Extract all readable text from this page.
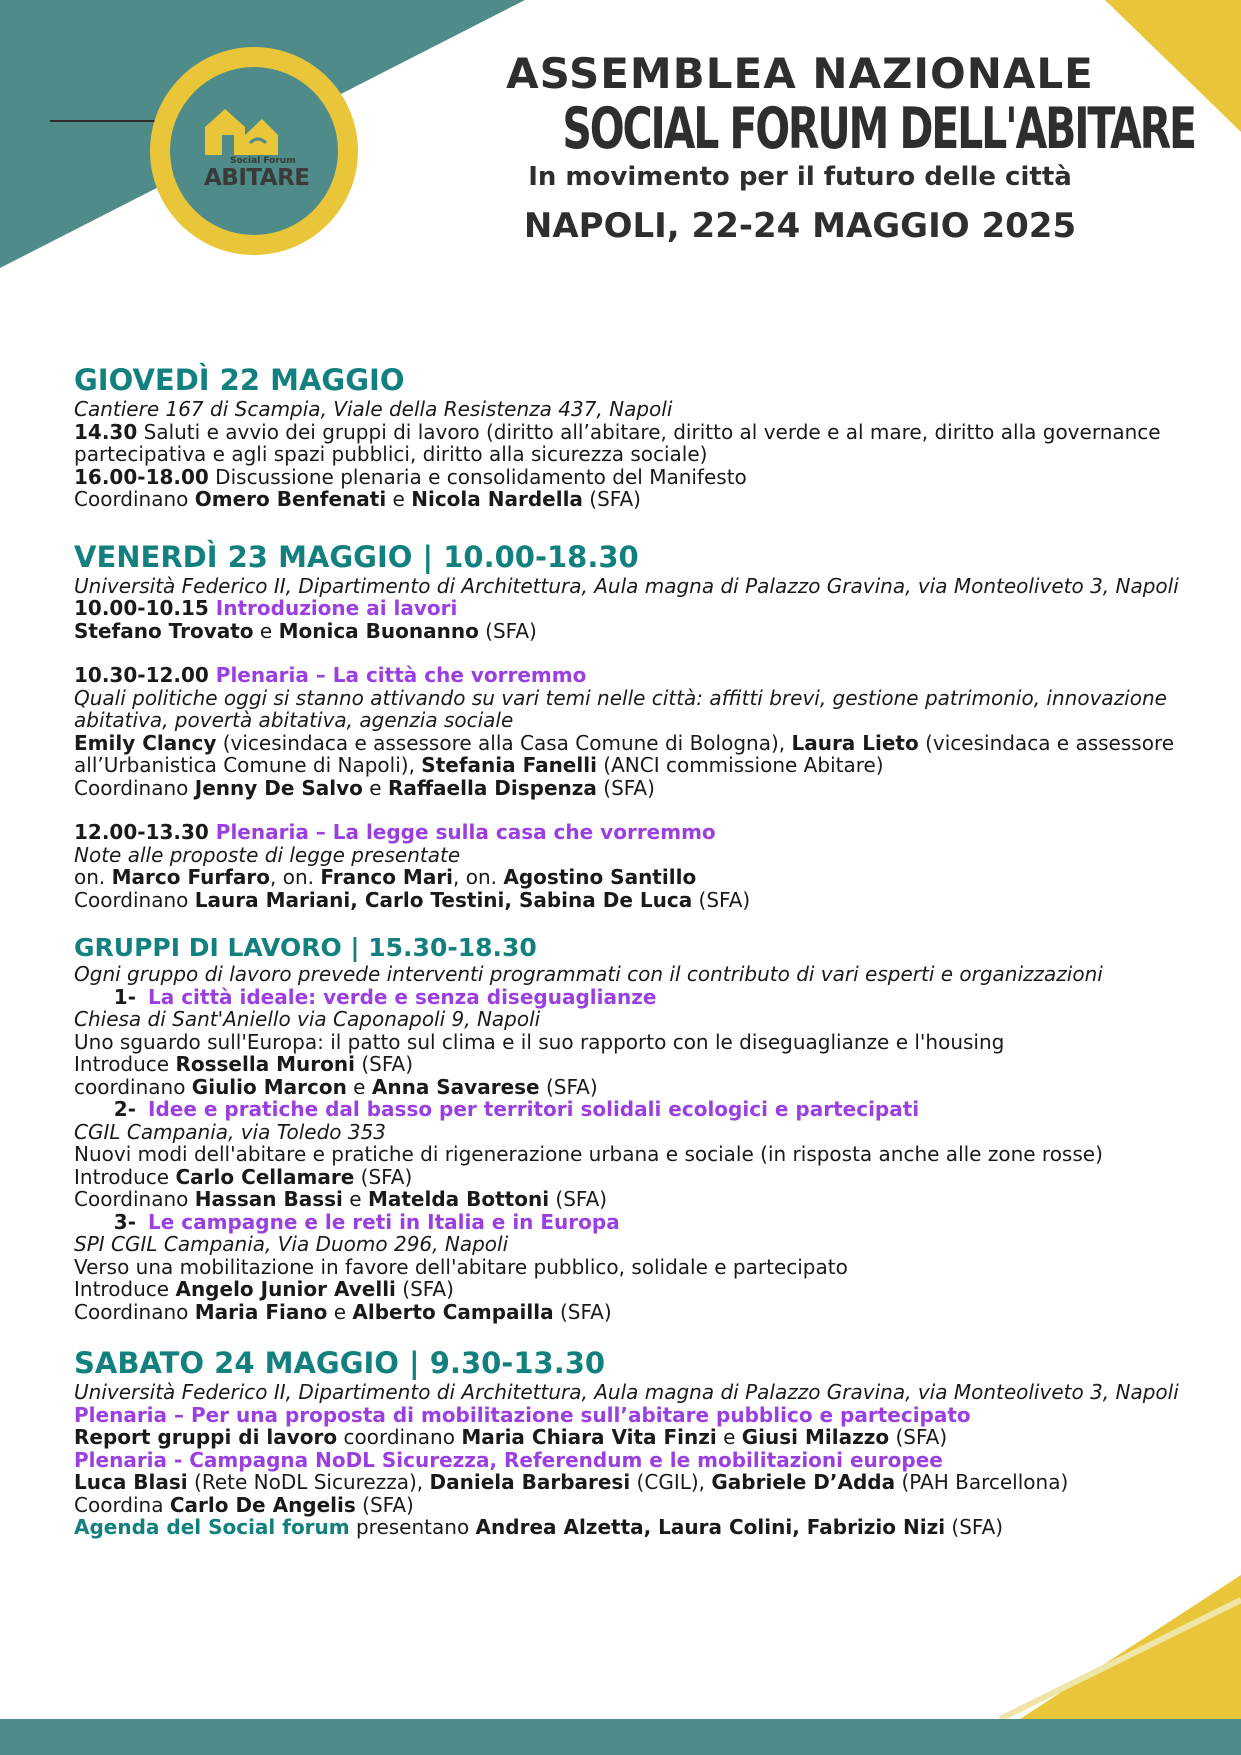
Social Forum
ABITARE
ASSEMBLEA NAZIONALE
SOCIAL FORUM DELL'ABITARE
In movimento per il futuro delle città
NAPOLI, 22-24 MAGGIO 2025

GIOVEDÌ 22 MAGGIO

Cantiere 167 di Scampia, Viale della Resistenza 437, Napoli

14.30 Saluti e avvio dei gruppi di lavoro (diritto all’abitare, diritto al verde e al mare, diritto alla governance partecipativa e agli spazi pubblici, diritto alla sicurezza sociale)

16.00-18.00 Discussione plenaria e consolidamento del Manifesto

Coordinano Omero Benfenati e Nicola Nardella (SFA)

VENERDÌ 23 MAGGIO | 10.00-18.30

Università Federico II, Dipartimento di Architettura, Aula magna di Palazzo Gravina, via Monteoliveto 3, Napoli

10.00-10.15 Introduzione ai lavori

Stefano Trovato e Monica Buonanno (SFA)

10.30-12.00 Plenaria – La città che vorremmo

Quali politiche oggi si stanno attivando su vari temi nelle città: affitti brevi, gestione patrimonio, innovazione abitativa, povertà abitativa, agenzia sociale

Emily Clancy (vicesindaca e assessore alla Casa Comune di Bologna), Laura Lieto (vicesindaca e assessore all’Urbanistica Comune di Napoli), Stefania Fanelli (ANCI commissione Abitare)

Coordinano Jenny De Salvo e Raffaella Dispenza (SFA)

12.00-13.30 Plenaria – La legge sulla casa che vorremmo

Note alle proposte di legge presentate

on. Marco Furfaro, on. Franco Mari, on. Agostino Santillo

Coordinano Laura Mariani, Carlo Testini, Sabina De Luca (SFA)

GRUPPI DI LAVORO | 15.30-18.30

Ogni gruppo di lavoro prevede interventi programmati con il contributo di vari esperti e organizzazioni

1- La città ideale: verde e senza diseguaglianze

Chiesa di Sant'Aniello via Caponapoli 9, Napoli

Uno sguardo sull'Europa: il patto sul clima e il suo rapporto con le diseguaglianze e l'housing

Introduce Rossella Muroni (SFA)

coordinano Giulio Marcon e Anna Savarese (SFA)

2- Idee e pratiche dal basso per territori solidali ecologici e partecipati

CGIL Campania, via Toledo 353

Nuovi modi dell'abitare e pratiche di rigenerazione urbana e sociale (in risposta anche alle zone rosse)

Introduce Carlo Cellamare (SFA)

Coordinano Hassan Bassi e Matelda Bottoni (SFA)

3- Le campagne e le reti in Italia e in Europa

SPI CGIL Campania, Via Duomo 296, Napoli

Verso una mobilitazione in favore dell'abitare pubblico, solidale e partecipato

Introduce Angelo Junior Avelli (SFA)

Coordinano Maria Fiano e Alberto Campailla (SFA)

SABATO 24 MAGGIO | 9.30-13.30

Università Federico II, Dipartimento di Architettura, Aula magna di Palazzo Gravina, via Monteoliveto 3, Napoli

Plenaria – Per una proposta di mobilitazione sull’abitare pubblico e partecipato

Report gruppi di lavoro coordinano Maria Chiara Vita Finzi e Giusi Milazzo (SFA)

Plenaria - Campagna NoDL Sicurezza, Referendum e le mobilitazioni europee

Luca Blasi (Rete NoDL Sicurezza), Daniela Barbaresi (CGIL), Gabriele D’Adda (PAH Barcellona)

Coordina Carlo De Angelis (SFA)

Agenda del Social forum presentano Andrea Alzetta, Laura Colini, Fabrizio Nizi (SFA)
